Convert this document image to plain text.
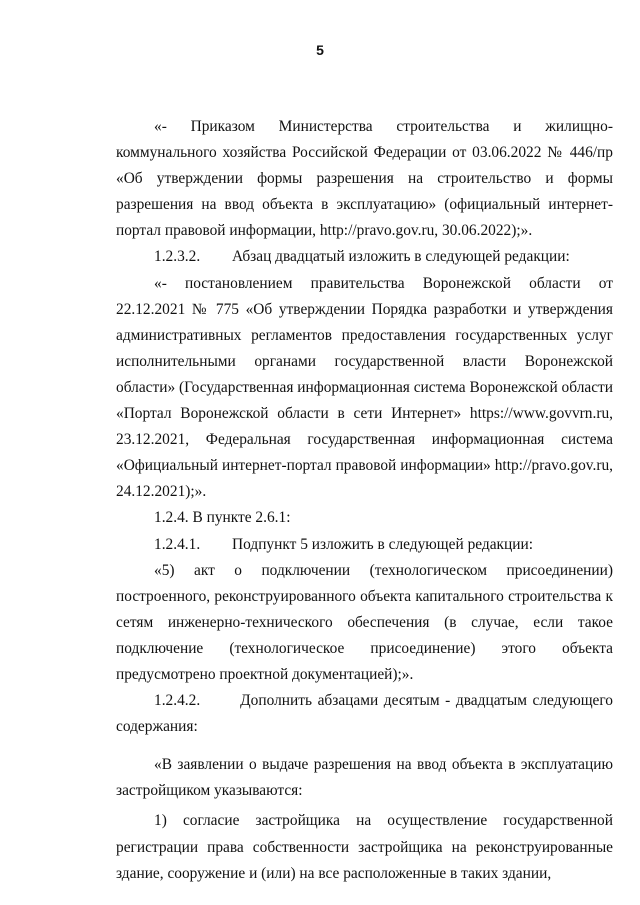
5

«- Приказом Министерства строительства и жилищно-коммунального хозяйства Российской Федерации от 03.06.2022 № 446/пр «Об утверждении формы разрешения на строительство и формы разрешения на ввод объекта в эксплуатацию» (официальный интернет-портал правовой информации, http://pravo.gov.ru, 30.06.2022);».

1.2.3.2. Абзац двадцатый изложить в следующей редакции:

«- постановлением правительства Воронежской области от 22.12.2021 № 775 «Об утверждении Порядка разработки и утверждения административных регламентов предоставления государственных услуг исполнительными органами государственной власти Воронежской области» (Государственная информационная система Воронежской области «Портал Воронежской области в сети Интернет» https://www.govvrn.ru, 23.12.2021, Федеральная государственная информационная система «Официальный интернет-портал правовой информации» http://pravo.gov.ru, 24.12.2021);».

1.2.4. В пункте 2.6.1:

1.2.4.1. Подпункт 5 изложить в следующей редакции:

«5) акт о подключении (технологическом присоединении) построенного, реконструированного объекта капитального строительства к сетям инженерно-технического обеспечения (в случае, если такое подключение (технологическое присоединение) этого объекта предусмотрено проектной документацией);».

1.2.4.2.	Дополнить абзацами десятым - двадцатым следующего содержания:

«В заявлении о выдаче разрешения на ввод объекта в эксплуатацию застройщиком указываются:

1) согласие застройщика на осуществление государственной регистрации права собственности застройщика на реконструированные здание, сооружение и (или) на все расположенные в таких здании,
